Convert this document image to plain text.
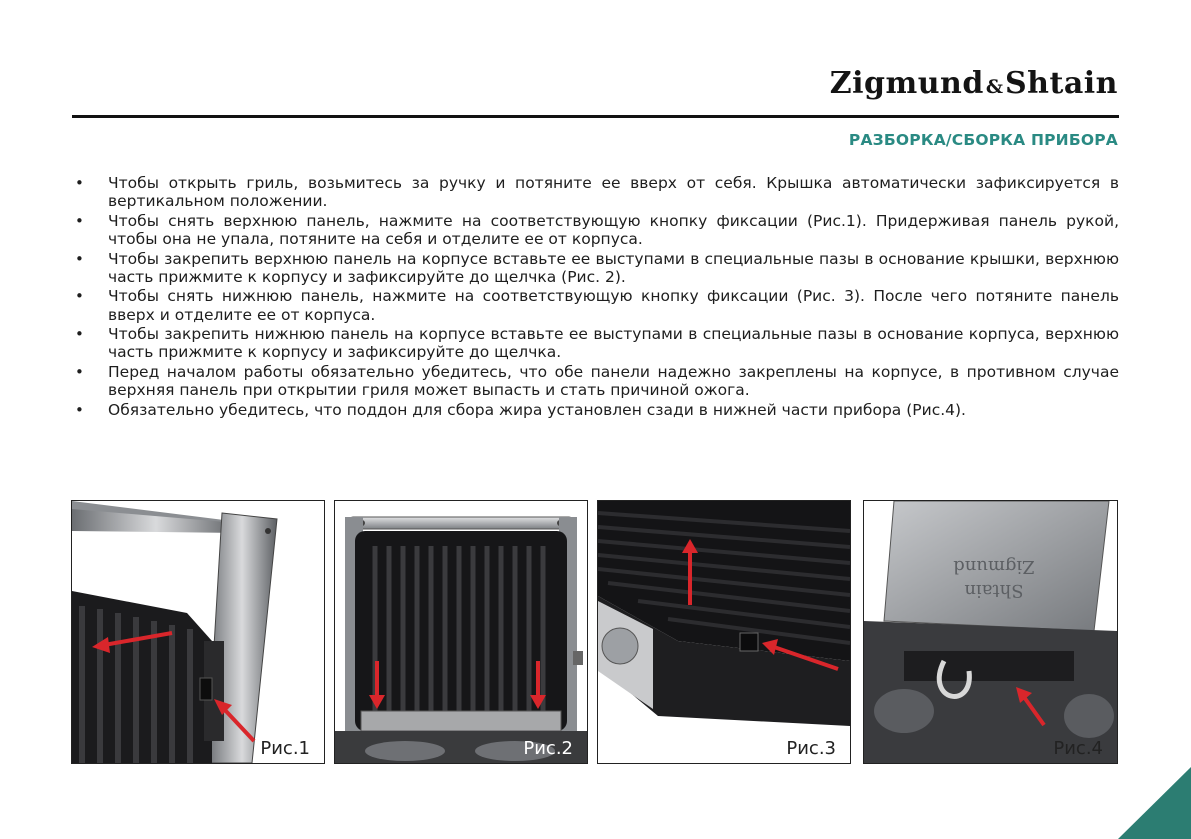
Zigmund & Shtain
РАЗБОРКА/СБОРКА ПРИБОРА
• Чтобы открыть гриль, возьмитесь за ручку и потяните ее вверх от себя. Крышка автоматически зафиксируется в вертикальном положении.
• Чтобы снять верхнюю панель, нажмите на соответствующую кнопку фиксации (Рис.1). Придерживая панель рукой, чтобы она не упала, потяните на себя и отделите ее от корпуса.
• Чтобы закрепить верхнюю панель на корпусе вставьте ее выступами в специальные пазы в основание крышки, верхнюю часть прижмите к корпусу и зафиксируйте до щелчка (Рис. 2).
• Чтобы снять нижнюю панель, нажмите на соответствующую кнопку фиксации (Рис. 3). После чего потяните панель вверх и отделите ее от корпуса.
• Чтобы закрепить нижнюю панель на корпусе вставьте ее выступами в специальные пазы в основание корпуса, верхнюю часть прижмите к корпусу и зафиксируйте до щелчка.
• Перед началом работы обязательно убедитесь, что обе панели надежно закреплены на корпусе, в противном случае верхняя панель при открытии гриля может выпасть и стать причиной ожога.
• Обязательно убедитесь, что поддон для сбора жира установлен сзади в нижней части прибора (Рис.4).
Рис.1	Рис.2	Рис.3
Zigmund
Shtain
Рис.4
